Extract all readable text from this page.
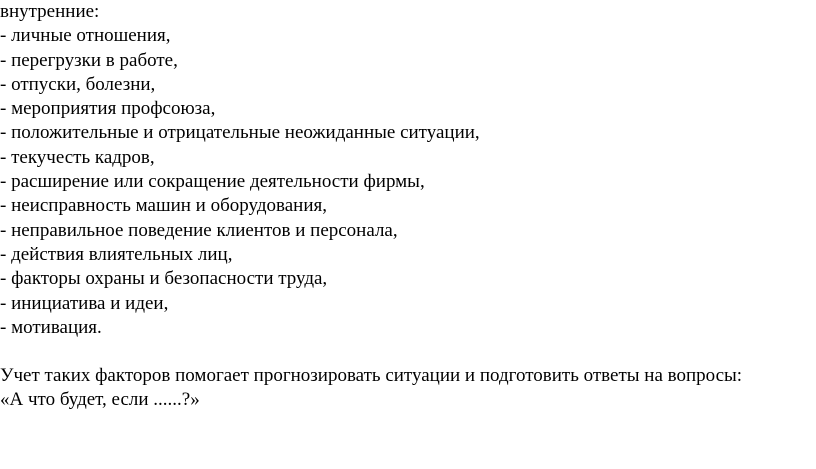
внутренние:
- личные отношения,
- перегрузки в работе,
- отпуски, болезни,
- мероприятия профсоюза,
- положительные и отрицательные неожиданные ситуации,
- текучесть кадров,
- расширение или сокращение деятельности фирмы,
- неисправность машин и оборудования,
- неправильное поведение клиентов и персонала,
- действия влиятельных лиц,
- факторы охраны и безопасности труда,
- инициатива и идеи,
- мотивация.

Учет таких факторов помогает прогнозировать ситуации и подготовить ответы на вопросы:
«А что будет, если ......?»
